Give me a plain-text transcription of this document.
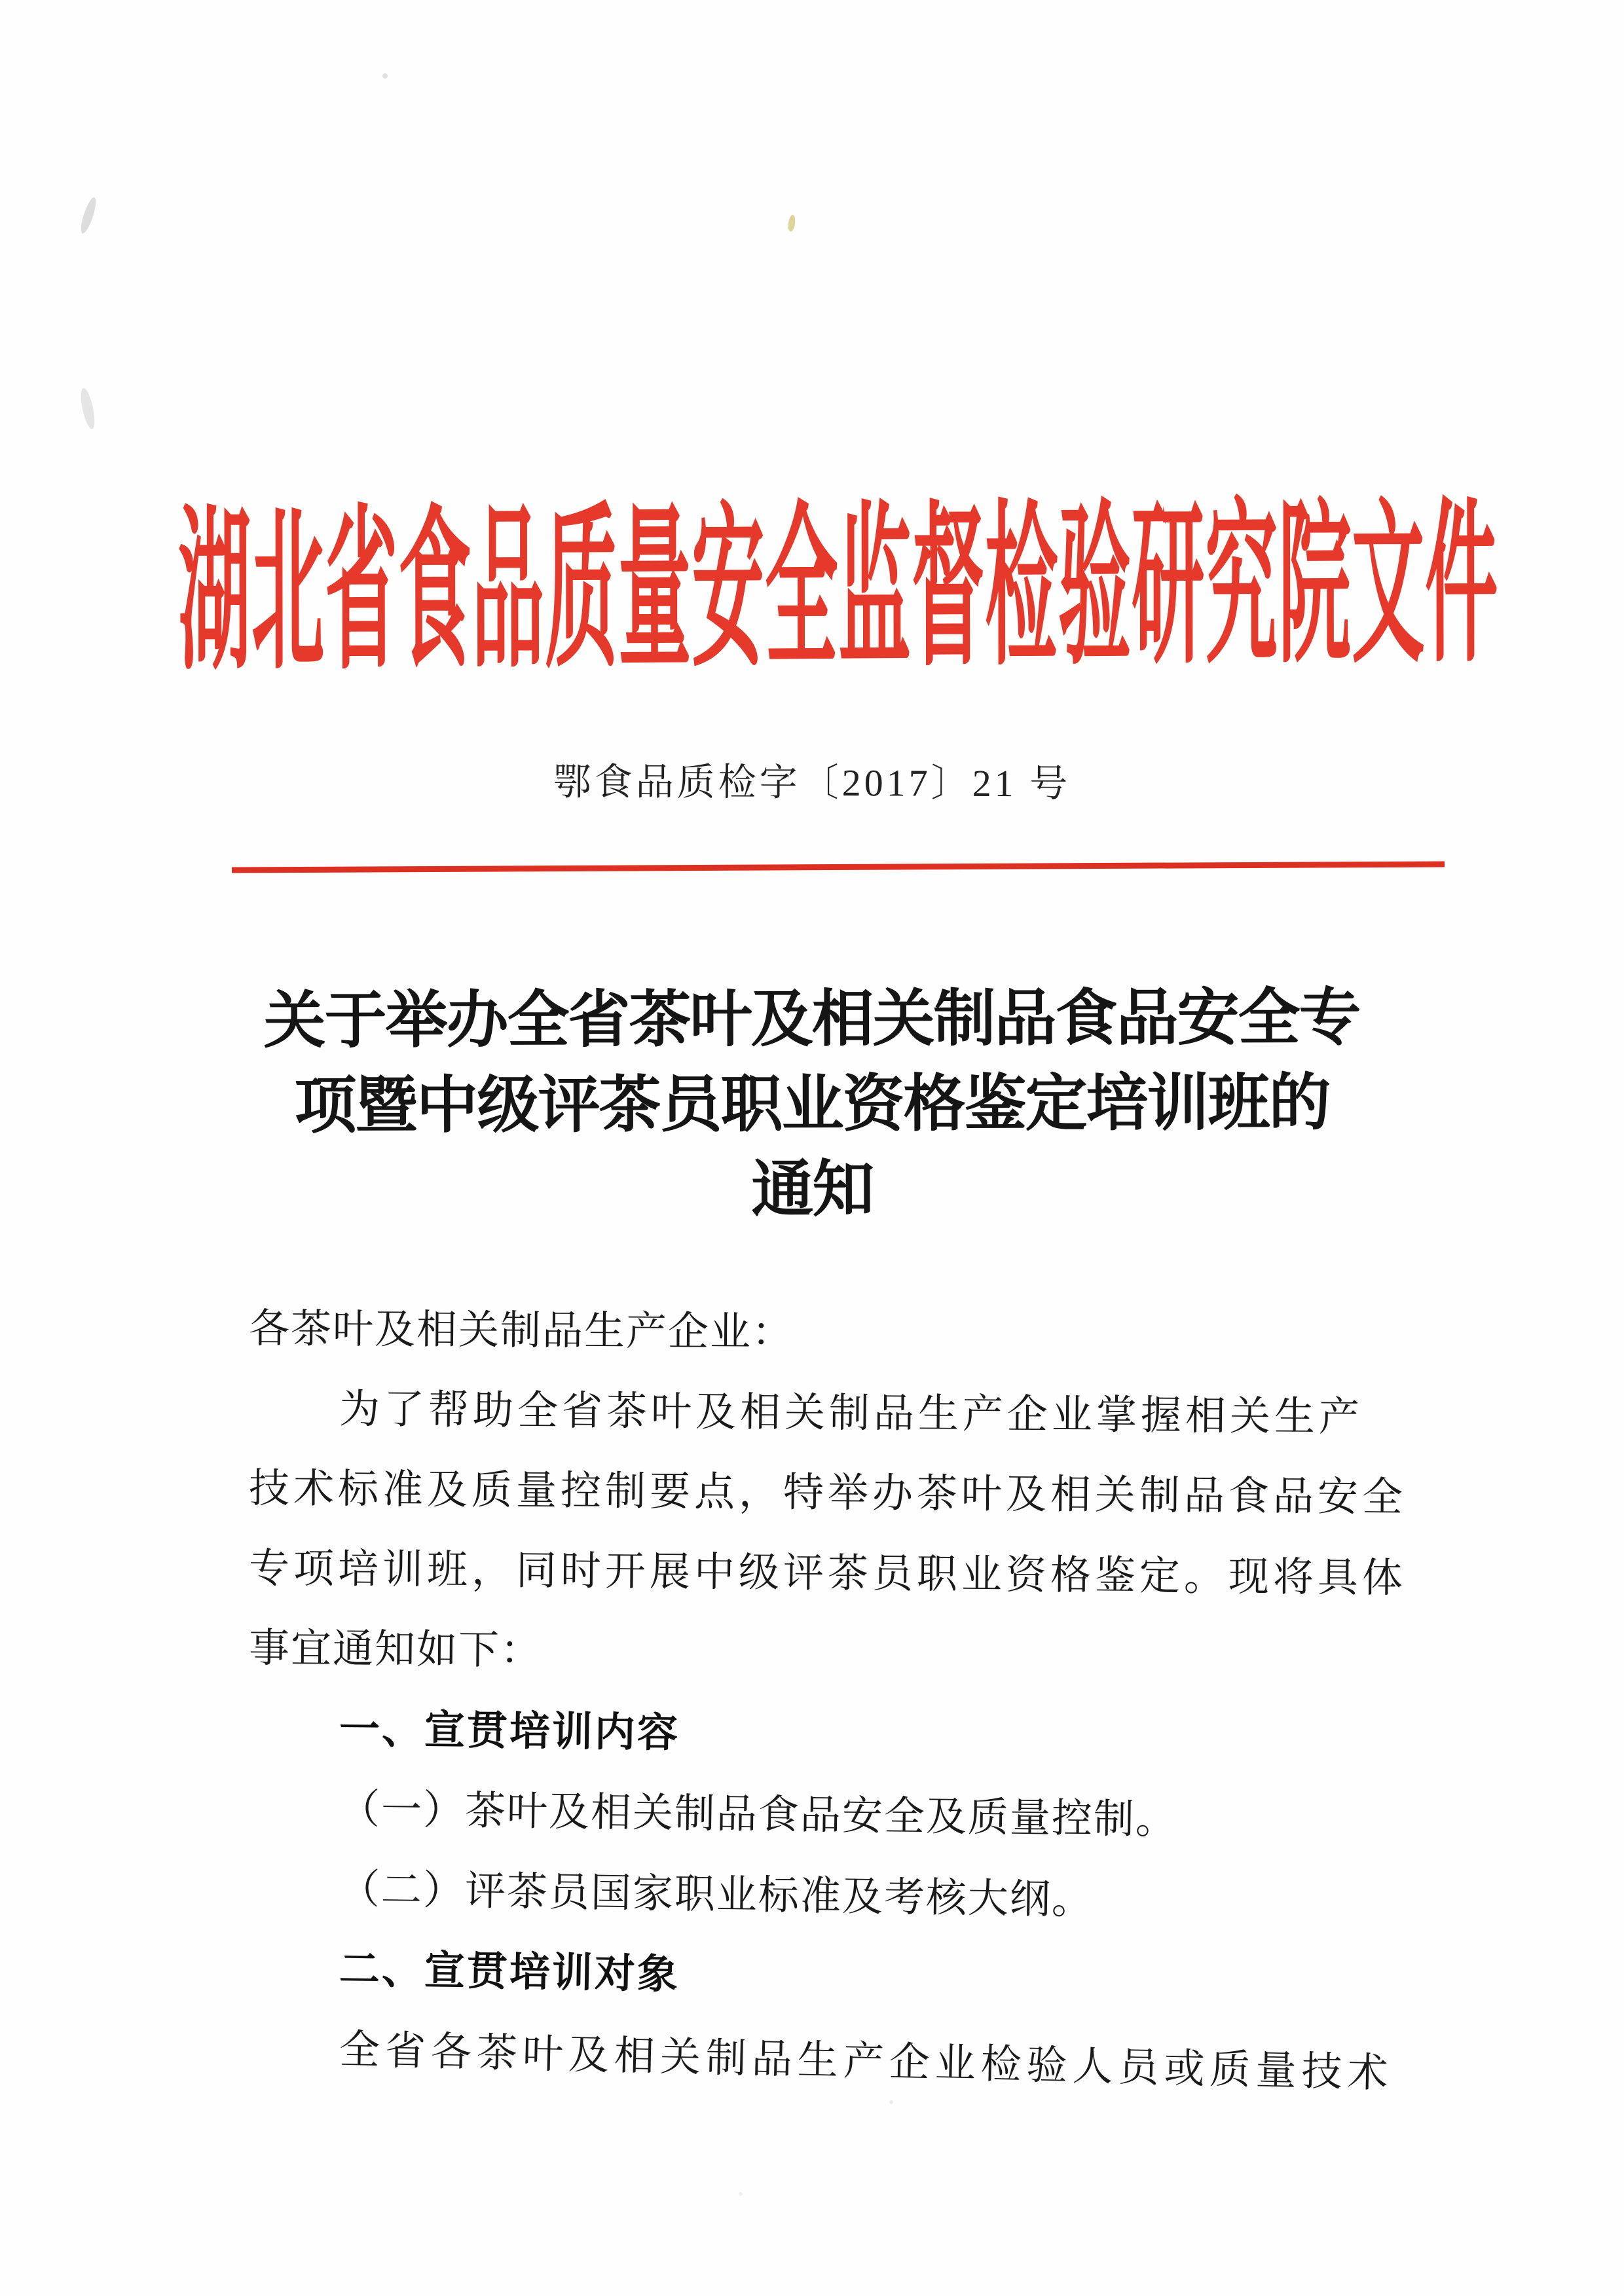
湖北省食品质量安全监督检验研究院文件
鄂食品质检字〔2017〕21 号
关于举办全省茶叶及相关制品食品安全专
项暨中级评茶员职业资格鉴定培训班的
通知
各茶叶及相关制品生产企业：
为了帮助全省茶叶及相关制品生产企业掌握相关生产
技术标准及质量控制要点，特举办茶叶及相关制品食品安全
专项培训班，同时开展中级评茶员职业资格鉴定。现将具体
事宜通知如下：
一、宣贯培训内容
（一）茶叶及相关制品食品安全及质量控制。
（二）评茶员国家职业标准及考核大纲。
二、宣贯培训对象
全省各茶叶及相关制品生产企业检验人员或质量技术
